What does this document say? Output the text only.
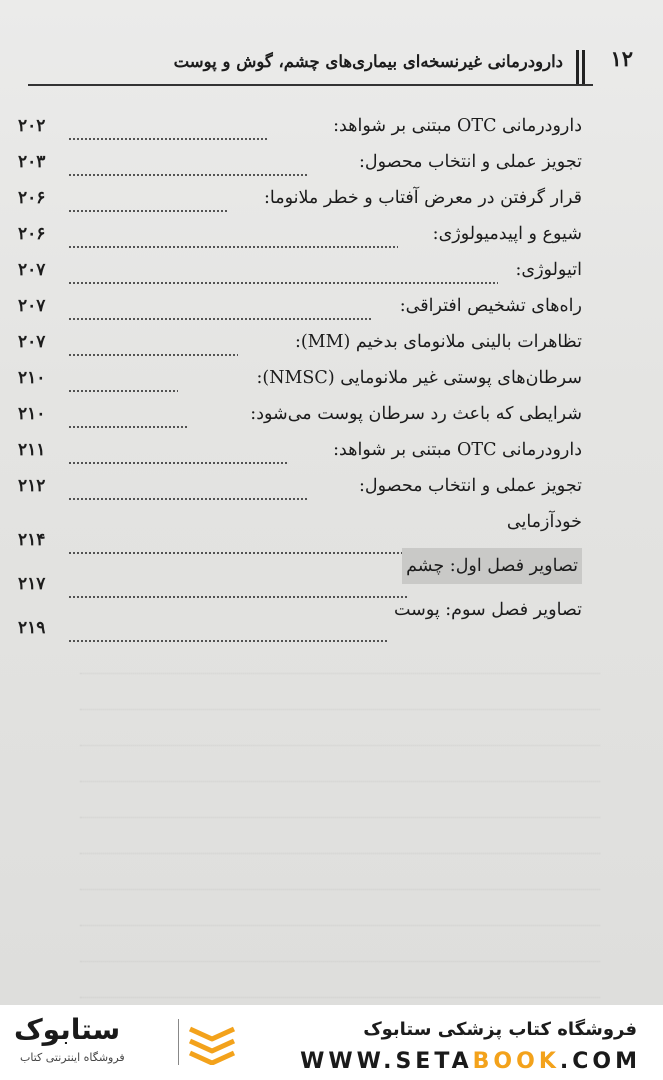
۱۲
دارودرمانی غیرنسخه‌ای بیماری‌های چشم، گوش و پوست
دارودرمانی OTC مبتنی بر شواهد:
۲۰۲
تجویز عملی و انتخاب محصول:
۲۰۳
قرار گرفتن در معرض آفتاب و خطر ملانوما:
۲۰۶
شیوع و اپیدمیولوژی:
۲۰۶
اتیولوژی:
۲۰۷
راه‌های تشخیص افتراقی:
۲۰۷
تظاهرات بالینی ملانومای بدخیم (MM):
۲۰۷
سرطان‌های پوستی غیر ملانومایی (NMSC):
۲۱۰
شرایطی که باعث رد سرطان پوست می‌شود:
۲۱۰
دارودرمانی OTC مبتنی بر شواهد:
۲۱۱
تجویز عملی و انتخاب محصول:
۲۱۲
خودآزمایی
۲۱۴
تصاویر فصل اول: چشم
۲۱۷
تصاویر فصل سوم: پوست
۲۱۹
ستابوک
فروشگاه اینترنتی کتاب
فروشگاه کتاب پزشکی ستابوک
WWW.SETABOOK.COM
